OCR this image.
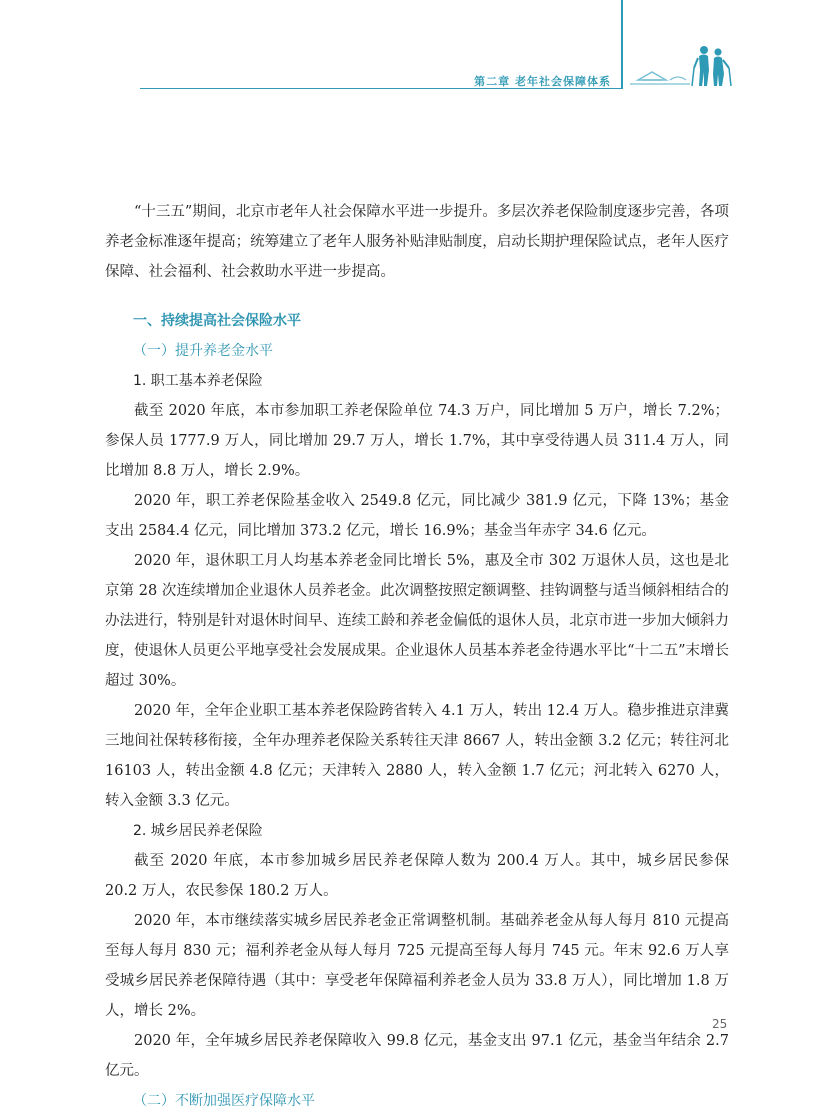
第二章 老年社会保障体系

“十三五”期间，北京市老年人社会保障水平进一步提升。多层次养老保险制度逐步完善，各项养老金标准逐年提高；统筹建立了老年人服务补贴津贴制度，启动长期护理保险试点，老年人医疗保障、社会福利、社会救助水平进一步提高。

一、持续提高社会保险水平

（一）提升养老金水平

1. 职工基本养老保险

截至 2020 年底，本市参加职工养老保险单位 74.3 万户，同比增加 5 万户，增长 7.2%；参保人员 1777.9 万人，同比增加 29.7 万人，增长 1.7%，其中享受待遇人员 311.4 万人，同比增加 8.8 万人，增长 2.9%。

2020 年，职工养老保险基金收入 2549.8 亿元，同比减少 381.9 亿元，下降 13%；基金支出 2584.4 亿元，同比增加 373.2 亿元，增长 16.9%；基金当年赤字 34.6 亿元。

2020 年，退休职工月人均基本养老金同比增长 5%，惠及全市 302 万退休人员，这也是北京第 28 次连续增加企业退休人员养老金。此次调整按照定额调整、挂钩调整与适当倾斜相结合的办法进行，特别是针对退休时间早、连续工龄和养老金偏低的退休人员，北京市进一步加大倾斜力度，使退休人员更公平地享受社会发展成果。企业退休人员基本养老金待遇水平比“十二五”末增长超过 30%。

2020 年，全年企业职工基本养老保险跨省转入 4.1 万人，转出 12.4 万人。稳步推进京津冀三地间社保转移衔接，全年办理养老保险关系转往天津 8667 人，转出金额 3.2 亿元；转往河北 16103 人，转出金额 4.8 亿元；天津转入 2880 人，转入金额 1.7 亿元；河北转入 6270 人，转入金额 3.3 亿元。

2. 城乡居民养老保险

截至 2020 年底，本市参加城乡居民养老保障人数为 200.4 万人。其中，城乡居民参保 20.2 万人，农民参保 180.2 万人。

2020 年，本市继续落实城乡居民养老金正常调整机制。基础养老金从每人每月 810 元提高至每人每月 830 元；福利养老金从每人每月 725 元提高至每人每月 745 元。年末 92.6 万人享受城乡居民养老保障待遇（其中：享受老年保障福利养老金人员为 33.8 万人），同比增加 1.8 万人，增长 2%。

2020 年，全年城乡居民养老保障收入 99.8 亿元，基金支出 97.1 亿元，基金当年结余 2.7 亿元。

（二）不断加强医疗保障水平

25
